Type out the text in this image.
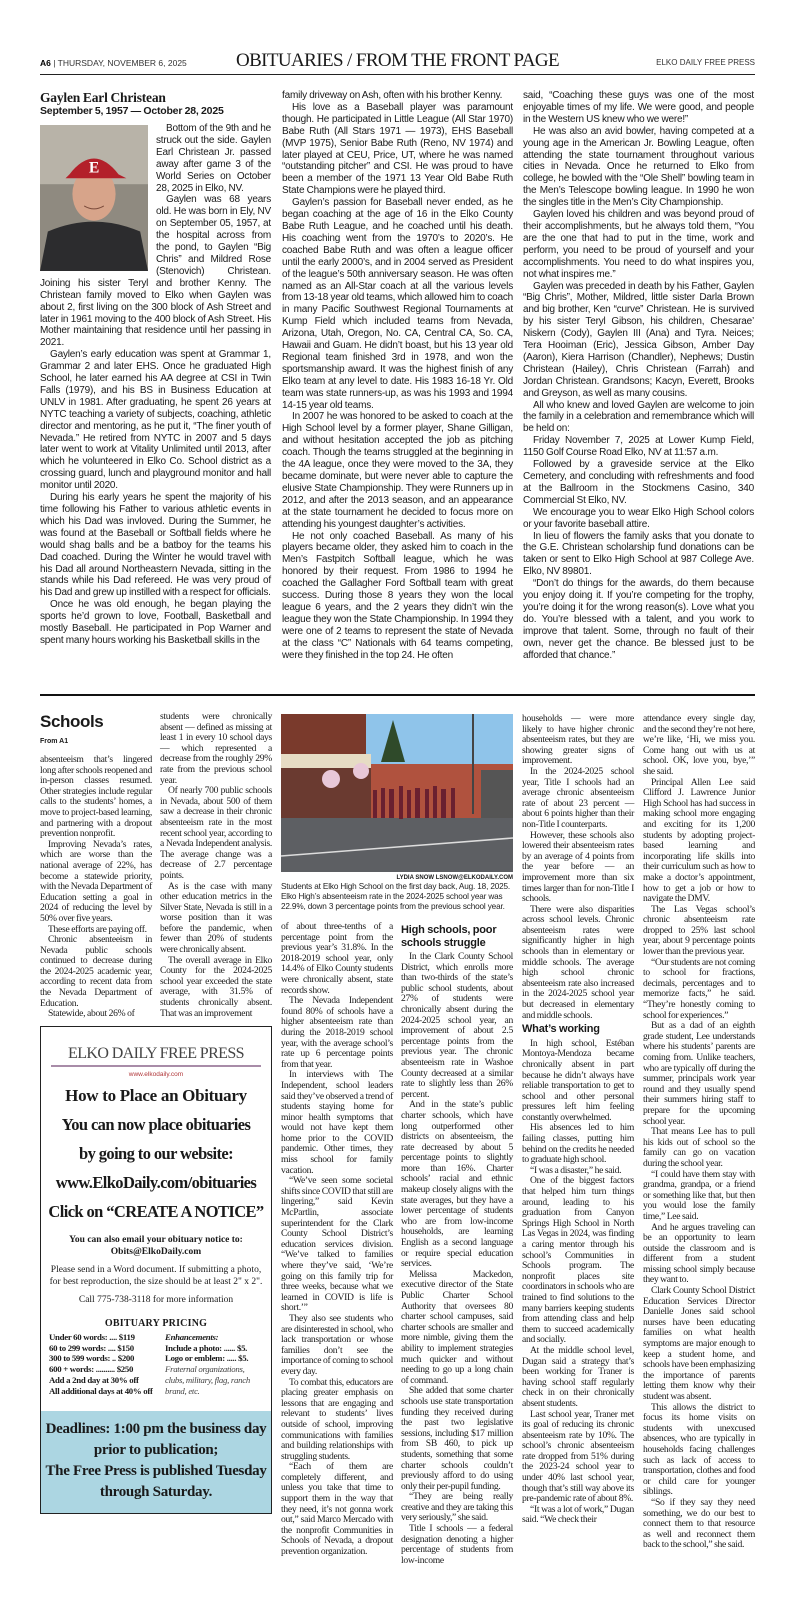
A6 | THURSDAY, NOVEMBER 6, 2025	OBITUARIES / FROM THE FRONT PAGE	ELKO DAILY FREE PRESS
Gaylen Earl Christean
September 5, 1957 — October 28, 2025
E

Bottom of the 9th and he struck out the side. Gaylen Earl Christean Jr. passed away after game 3 of the World Series on October 28, 2025 in Elko, NV.

Gaylen was 68 years old. He was born in Ely, NV on September 05, 1957, at the hospital across from the pond, to Gaylen “Big Chris” and Mildred Rose (Stenovich) Christean. Joining his sister Teryl and brother Kenny. The Christean family moved to Elko when Gaylen was about 2, first living on the 300 block of Ash Street and later in 1961 moving to the 400 block of Ash Street. His Mother maintaining that residence until her passing in 2021.

Gaylen’s early education was spent at Grammar 1, Grammar 2 and later EHS. Once he graduated High School, he later earned his AA degree at CSI in Twin Falls (1979), and his BS in Business Education at UNLV in 1981. After graduating, he spent 26 years at NYTC teaching a variety of subjects, coaching, athletic director and mentoring, as he put it, “The finer youth of Nevada.” He retired from NYTC in 2007 and 5 days later went to work at Vitality Unlimited until 2013, after which he volunteered in Elko Co. School district as a crossing guard, lunch and playground monitor and hall monitor until 2020.

During his early years he spent the majority of his time following his Father to various athletic events in which his Dad was invloved. During the Summer, he was found at the Baseball or Softball fields where he would shag balls and be a batboy for the teams his Dad coached. During the Winter he would travel with his Dad all around Northeastern Nevada, sitting in the stands while his Dad refereed. He was very proud of his Dad and grew up instilled with a respect for officials.

Once he was old enough, he began playing the sports he’d grown to love, Football, Basketball and mostly Baseball. He participated in Pop Warner and spent many hours working his Basketball skills in the

family driveway on Ash, often with his brother Kenny.

His love as a Baseball player was paramount though. He participated in Little League (All Star 1970) Babe Ruth (All Stars 1971 — 1973), EHS Baseball (MVP 1975), Senior Babe Ruth (Reno, NV 1974) and later played at CEU, Price, UT, where he was named “outstanding pitcher” and CSI. He was proud to have been a member of the 1971 13 Year Old Babe Ruth State Champions were he played third.

Gaylen’s passion for Baseball never ended, as he began coaching at the age of 16 in the Elko County Babe Ruth League, and he coached until his death. His coaching went from the 1970’s to 2020’s. He coached Babe Ruth and was often a league officer until the early 2000’s, and in 2004 served as President of the league’s 50th anniversary season. He was often named as an All-Star coach at all the various levels from 13-18 year old teams, which allowed him to coach in many Pacific Southwest Regional Tournaments at Kump Field which included teams from Nevada, Arizona, Utah, Oregon, No. CA, Central CA, So. CA, Hawaii and Guam. He didn’t boast, but his 13 year old Regional team finished 3rd in 1978, and won the sportsmanship award. It was the highest finish of any Elko team at any level to date. His 1983 16-18 Yr. Old team was state runners-up, as was his 1993 and 1994 14-15 year old teams.

In 2007 he was honored to be asked to coach at the High School level by a former player, Shane Gilligan, and without hesitation accepted the job as pitching coach. Though the teams struggled at the beginning in the 4A league, once they were moved to the 3A, they became dominate, but were never able to capture the elusive State Championship. They were Runners up in 2012, and after the 2013 season, and an appearance at the state tournament he decided to focus more on attending his youngest daughter’s activities.

He not only coached Baseball. As many of his players became older, they asked him to coach in the Men’s Fastpitch Softball league, which he was honored by their request. From 1986 to 1994 he coached the Gallagher Ford Softball team with great success. During those 8 years they won the local league 6 years, and the 2 years they didn’t win the league they won the State Championship. In 1994 they were one of 2 teams to represent the state of Nevada at the class “C” Nationals with 64 teams competing, were they finished in the top 24. He often

said, “Coaching these guys was one of the most enjoyable times of my life. We were good, and people in the Western US knew who we were!”

He was also an avid bowler, having competed at a young age in the American Jr. Bowling League, often attending the state tournament throughout various cities in Nevada. Once he returned to Elko from college, he bowled with the “Ole Shell” bowling team in the Men’s Telescope bowling league. In 1990 he won the singles title in the Men’s City Championship.

Gaylen loved his children and was beyond proud of their accomplishments, but he always told them, “You are the one that had to put in the time, work and perform, you need to be proud of yourself and your accomplishments. You need to do what inspires you, not what inspires me.”

Gaylen was preceded in death by his Father, Gaylen “Big Chris”, Mother, Mildred, little sister Darla Brown and big brother, Ken “curve” Christean. He is survived by his sister Teryl Gibson, his children, Chesarae’ Niskern (Cody), Gaylen III (Ana) and Tyra. Neices; Tera Hooiman (Eric), Jessica Gibson, Amber Day (Aaron), Kiera Harrison (Chandler), Nephews; Dustin Christean (Hailey), Chris Christean (Farrah) and Jordan Christean. Grandsons; Kacyn, Everett, Brooks and Greyson, as well as many cousins.

All who knew and loved Gaylen are welcome to join the family in a celebration and remembrance which will be held on:

Friday November 7, 2025 at Lower Kump Field, 1150 Golf Course Road Elko, NV at 11:57 a.m.

Followed by a graveside service at the Elko Cemetery, and concluding with refreshments and food at the Ballroom in the Stockmens Casino, 340 Commercial St Elko, NV.

We encourage you to wear Elko High School colors or your favorite baseball attire.

In lieu of flowers the family asks that you donate to the G.E. Christean scholarship fund donations can be taken or sent to Elko High School at 987 College Ave. Elko, NV 89801.

“Don’t do things for the awards, do them because you enjoy doing it. If you’re competing for the trophy, you’re doing it for the wrong reason(s). Love what you do. You’re blessed with a talent, and you work to improve that talent. Some, through no fault of their own, never get the chance. Be blessed just to be afforded that chance.”

Schools
From A1

absenteeism that’s lingered long after schools reopened and in-person classes resumed. Other strategies include regular calls to the students’ homes, a move to project-based learning, and partnering with a dropout prevention nonprofit.

Improving Nevada’s rates, which are worse than the national average of 22%, has become a statewide priority, with the Nevada Department of Education setting a goal in 2024 of reducing the level by 50% over five years.

These efforts are paying off.

Chronic absenteeism in Nevada public schools continued to decrease during the 2024-2025 academic year, according to recent data from the Nevada Department of Education.

Statewide, about 26% of

students were chronically absent — defined as missing at least 1 in every 10 school days — which represented a decrease from the roughly 29% rate from the previous school year.

Of nearly 700 public schools in Nevada, about 500 of them saw a decrease in their chronic absenteeism rate in the most recent school year, according to a Nevada Independent analysis. The average change was a decrease of 2.7 percentage points.

As is the case with many other education metrics in the Silver State, Nevada is still in a worse position than it was before the pandemic, when fewer than 20% of students were chronically absent.

The overall average in Elko County for the 2024-2025 school year exceeded the state average, with 31.5% of students chronically absent. That was an improvement

ELKO DAILY FREE PRESS
www.elkodaily.com
How to Place an Obituary
You can now place obituaries
by going to our website:
www.ElkoDaily.com/obituaries
Click on “CREATE A NOTICE”
You can also email your obituary notice to:
Obits@ElkoDaily.com
Please send in a Word document. If submitting a photo, for best reproduction, the size should be at least 2" x 2".
Call 775-738-3118 for more information
OBITUARY PRICING
Under 60 words: .... $119
60 to 299 words: .... $150
300 to 599 words: .. $200
600 + words: .......... $250
Add a 2nd day at 30% off
All additional days at 40% off
Enhancements:
Include a photo: ...... $5.
Logo or emblem: ..... $5.
Fraternal organizations, clubs, military, flag, ranch brand, etc.
Deadlines: 1:00 pm the business day
prior to publication;
The Free Press is published Tuesday
through Saturday.
LYDIA SNOW LSNOW@ELKODAILY.COM
Students at Elko High School on the first day back, Aug. 18, 2025. Elko High’s absenteeism rate in the 2024-2025 school year was 22.9%, down 3 percentage points from the previous school year.

of about three-tenths of a percentage point from the previous year’s 31.8%. In the 2018-2019 school year, only 14.4% of Elko County students were chronically absent, state records show.

The Nevada Independent found 80% of schools have a higher absenteeism rate than during the 2018-2019 school year, with the average school’s rate up 6 percentage points from that year.

In interviews with The Independent, school leaders said they’ve observed a trend of students staying home for minor health symptoms that would not have kept them home prior to the COVID pandemic. Other times, they miss school for family vacation.

“We’ve seen some societal shifts since COVID that still are lingering,” said Kevin McPartlin, associate superintendent for the Clark County School District’s education services division. “We’ve talked to families where they’ve said, ‘We’re going on this family trip for three weeks, because what we learned in COVID is life is short.’”

They also see students who are disinterested in school, who lack transportation or whose families don’t see the importance of coming to school every day.

To combat this, educators are placing greater emphasis on lessons that are engaging and relevant to students’ lives outside of school, improving communications with families and building relationships with struggling students.

“Each of them are completely different, and unless you take that time to support them in the way that they need, it’s not gonna work out,” said Marco Mercado with the nonprofit Communities in Schools of Nevada, a dropout prevention organization.

High schools, poor schools struggle

In the Clark County School District, which enrolls more than two-thirds of the state’s public school students, about 27% of students were chronically absent during the 2024-2025 school year, an improvement of about 2.5 percentage points from the previous year. The chronic absenteeism rate in Washoe County decreased at a similar rate to slightly less than 26% percent.

And in the state’s public charter schools, which have long outperformed other districts on absenteeism, the rate decreased by about 5 percentage points to slightly more than 16%. Charter schools’ racial and ethnic makeup closely aligns with the state averages, but they have a lower percentage of students who are from low-income households, are learning English as a second language or require special education services.

Melissa Mackedon, executive director of the State Public Charter School Authority that oversees 80 charter school campuses, said charter schools are smaller and more nimble, giving them the ability to implement strategies much quicker and without needing to go up a long chain of command.

She added that some charter schools use state transportation funding they received during the past two legislative sessions, including $17 million from SB 460, to pick up students, something that some charter schools couldn’t previously afford to do using only their per-pupil funding.

“They are being really creative and they are taking this very seriously,” she said.

Title I schools — a federal designation denoting a higher percentage of students from low-income

households — were more likely to have higher chronic absenteeism rates, but they are showing greater signs of improvement.

In the 2024-2025 school year, Title I schools had an average chronic absenteeism rate of about 23 percent — about 6 points higher than their non-Title I counterparts.

However, these schools also lowered their absenteeism rates by an average of 4 points from the year before — an improvement more than six times larger than for non-Title I schools.

There were also disparities across school levels. Chronic absenteeism rates were significantly higher in high schools than in elementary or middle schools. The average high school chronic absenteeism rate also increased in the 2024-2025 school year but decreased in elementary and middle schools.

What’s working

In high school, Estéban Montoya-Mendoza became chronically absent in part because he didn’t always have reliable transportation to get to school and other personal pressures left him feeling constantly overwhelmed.

His absences led to him failing classes, putting him behind on the credits he needed to graduate high school.

“I was a disaster,” he said.

One of the biggest factors that helped him turn things around, leading to his graduation from Canyon Springs High School in North Las Vegas in 2024, was finding a caring mentor through his school’s Communities in Schools program. The nonprofit places site coordinators in schools who are trained to find solutions to the many barriers keeping students from attending class and help them to succeed academically and socially.

At the middle school level, Dugan said a strategy that’s been working for Traner is having school staff regularly check in on their chronically absent students.

Last school year, Traner met its goal of reducing its chronic absenteeism rate by 10%. The school’s chronic absenteeism rate dropped from 51% during the 2023-24 school year to under 40% last school year, though that’s still way above its pre-pandemic rate of about 8%.

“It was a lot of work,” Dugan said. “We check their

attendance every single day, and the second they’re not here, we’re like, ‘Hi, we miss you. Come hang out with us at school. OK, love you, bye,’” she said.

Principal Allen Lee said Clifford J. Lawrence Junior High School has had success in making school more engaging and exciting for its 1,200 students by adopting project-based learning and incorporating life skills into their curriculum such as how to make a doctor’s appointment, how to get a job or how to navigate the DMV.

The Las Vegas school’s chronic absenteeism rate dropped to 25% last school year, about 9 percentage points lower than the previous year.

“Our students are not coming to school for fractions, decimals, percentages and to memorize facts,” he said. “They’re honestly coming to school for experiences.”

But as a dad of an eighth grade student, Lee understands where his students’ parents are coming from. Unlike teachers, who are typically off during the summer, principals work year round and they usually spend their summers hiring staff to prepare for the upcoming school year.

That means Lee has to pull his kids out of school so the family can go on vacation during the school year.

“I could have them stay with grandma, grandpa, or a friend or something like that, but then you would lose the family time,” Lee said.

And he argues traveling can be an opportunity to learn outside the classroom and is different from a student missing school simply because they want to.

Clark County School District Education Services Director Danielle Jones said school nurses have been educating families on what health symptoms are major enough to keep a student home, and schools have been emphasizing the importance of parents letting them know why their student was absent.

This allows the district to focus its home visits on students with unexcused absences, who are typically in households facing challenges such as lack of access to transportation, clothes and food or child care for younger siblings.

“So if they say they need something, we do our best to connect them to that resource as well and reconnect them back to the school,” she said.
